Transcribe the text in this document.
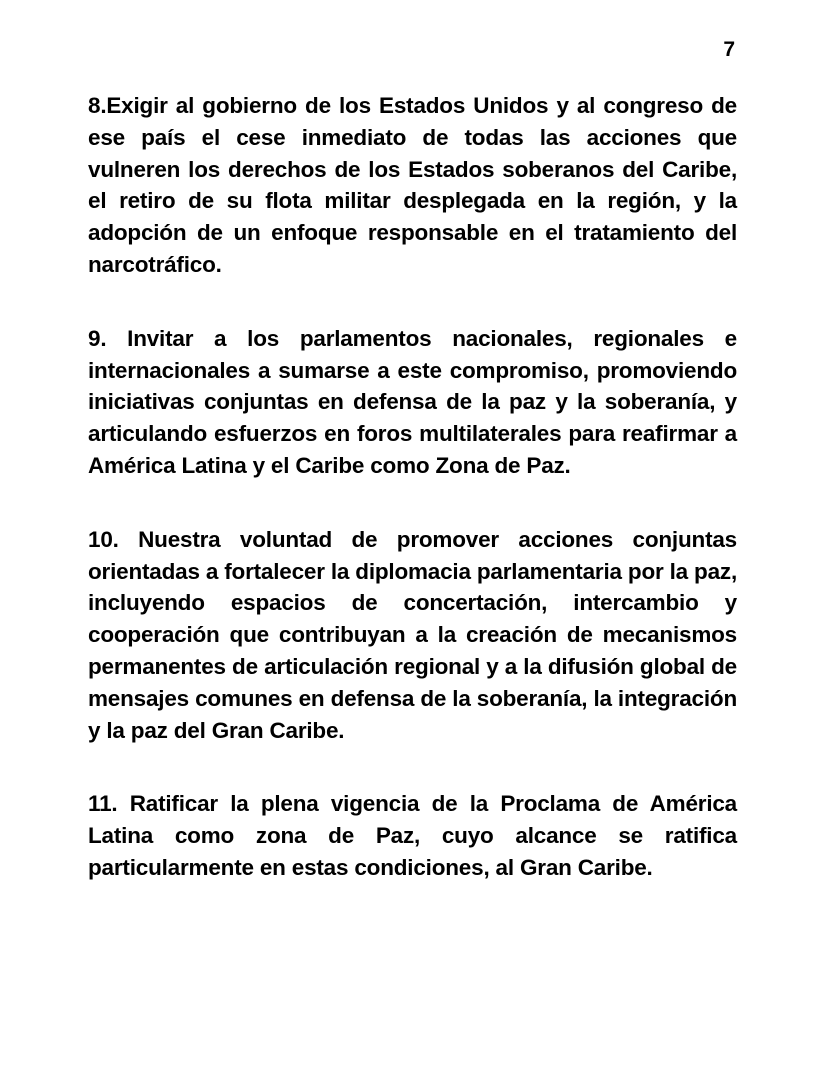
7

8.Exigir al gobierno de los Estados Unidos y al congreso de ese país el cese inmediato de todas las acciones que vulneren los derechos de los Estados soberanos del Caribe, el retiro de su flota militar desplegada en la región, y la adopción de un enfoque responsable en el tratamiento del narcotráfico.

9. Invitar a los parlamentos nacionales, regionales e internacionales a sumarse a este compromiso, promoviendo iniciativas conjuntas en defensa de la paz y la soberanía, y articulando esfuerzos en foros multilaterales para reafirmar a América Latina y el Caribe como Zona de Paz.

10. Nuestra voluntad de promover acciones conjuntas orientadas a fortalecer la diplomacia parlamentaria por la paz, incluyendo espacios de concertación, intercambio y cooperación que contribuyan a la creación de mecanismos permanentes de articulación regional y a la difusión global de mensajes comunes en defensa de la soberanía, la integración y la paz del Gran Caribe.

11. Ratificar la plena vigencia de la Proclama de América Latina como zona de Paz, cuyo alcance se ratifica particularmente en estas condiciones, al Gran Caribe.
